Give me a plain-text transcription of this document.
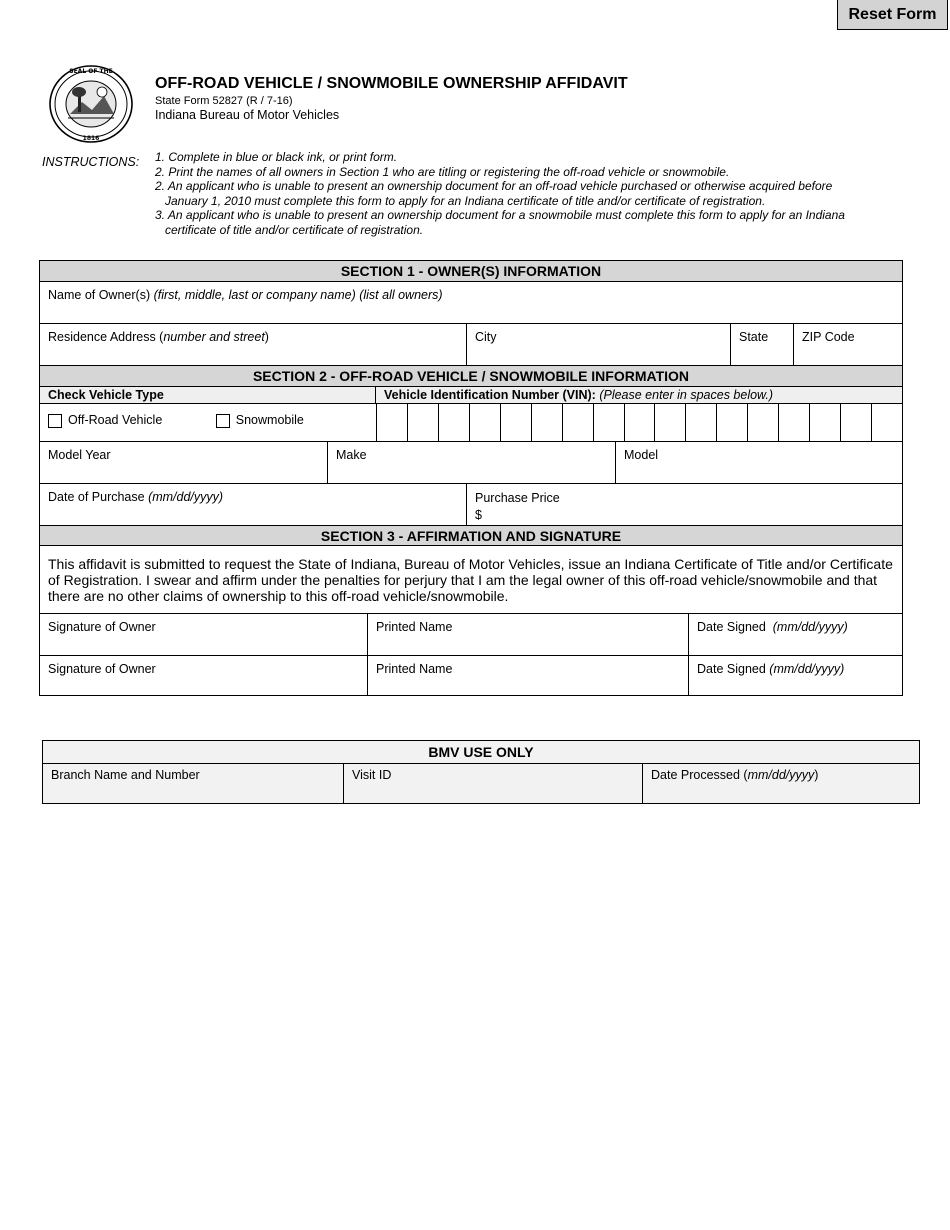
Reset Form
SEAL OF THE
1816
OFF-ROAD VEHICLE / SNOWMOBILE OWNERSHIP AFFIDAVIT
State Form 52827 (R / 7-16)
Indiana Bureau of Motor Vehicles
INSTRUCTIONS: 1. Complete in blue or black ink, or print form.
2. Print the names of all owners in Section 1 who are titling or registering the off-road vehicle or snowmobile.
2. An applicant who is unable to present an ownership document for an off-road vehicle purchased or otherwise acquired before
January 1, 2010 must complete this form to apply for an Indiana certificate of title and/or certificate of registration.
3. An applicant who is unable to present an ownership document for a snowmobile must complete this form to apply for an Indiana
certificate of title and/or certificate of registration.
SECTION 1 - OWNER(S) INFORMATION
Name of Owner(s) (first, middle, last or company name) (list all owners)
Residence Address (number and street)	City	State	ZIP Code
SECTION 2 - OFF-ROAD VEHICLE / SNOWMOBILE INFORMATION
Check Vehicle Type	Vehicle Identification Number (VIN): (Please enter in spaces below.)
Off-Road Vehicle	Snowmobile
Model Year	Make	Model
Date of Purchase (mm/dd/yyyy)	Purchase Price
$
SECTION 3 - AFFIRMATION AND SIGNATURE
This affidavit is submitted to request the State of Indiana, Bureau of Motor Vehicles, issue an Indiana Certificate of Title and/or Certificate of Registration. I swear and affirm under the penalties for perjury that I am the legal owner of this off-road vehicle/snowmobile and that there are no other claims of ownership to this off-road vehicle/snowmobile.
Signature of Owner	Printed Name	Date Signed  (mm/dd/yyyy)
Signature of Owner	Printed Name	Date Signed (mm/dd/yyyy)
BMV USE ONLY
Branch Name and Number	Visit ID	Date Processed (mm/dd/yyyy)
